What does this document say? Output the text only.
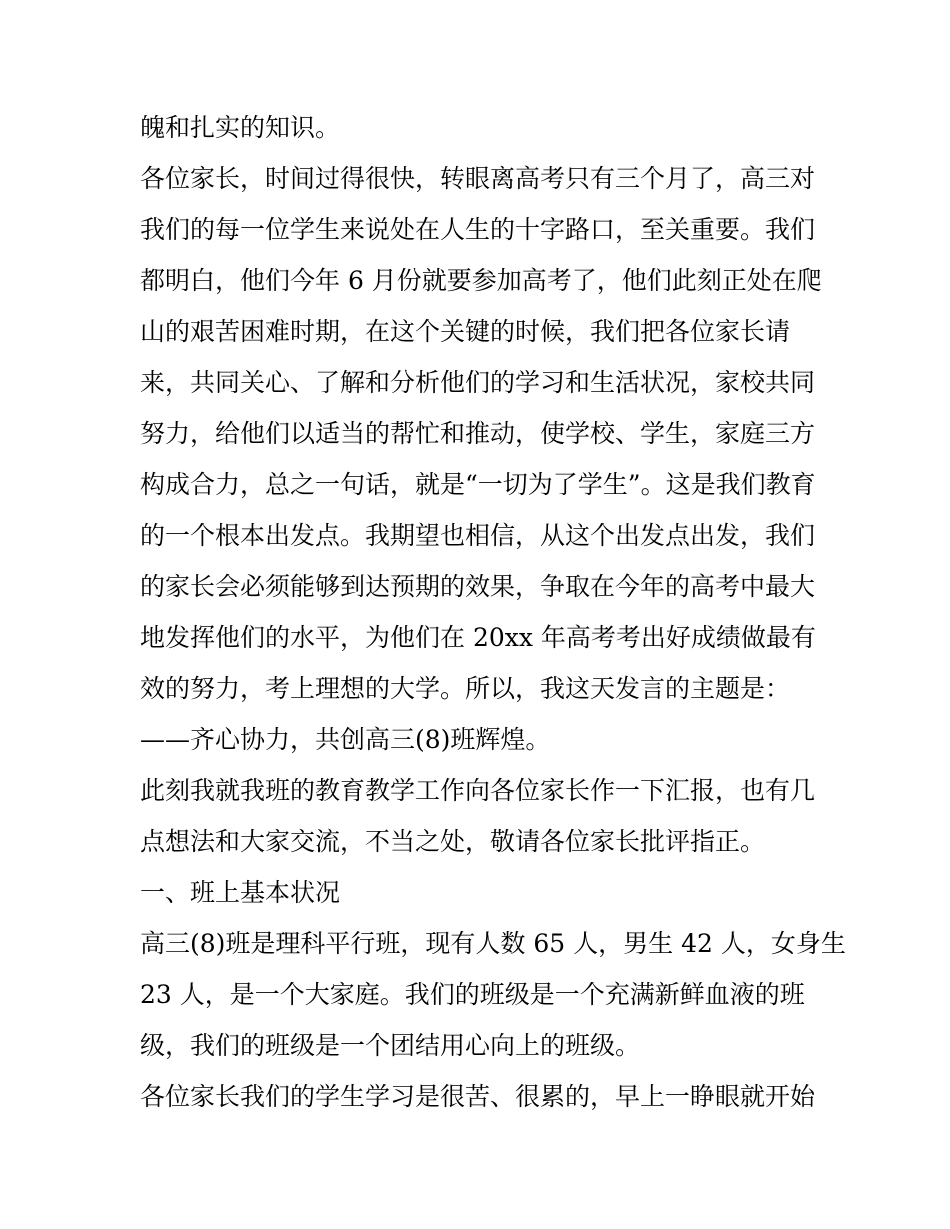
魄和扎实的知识。
各位家长，时间过得很快，转眼离高考只有三个月了，高三对
我们的每一位学生来说处在人生的十字路口，至关重要。我们
都明白，他们今年 6 月份就要参加高考了，他们此刻正处在爬
山的艰苦困难时期，在这个关键的时候，我们把各位家长请
来，共同关心、了解和分析他们的学习和生活状况，家校共同
努力，给他们以适当的帮忙和推动，使学校、学生，家庭三方
构成合力，总之一句话，就是“一切为了学生”。这是我们教育
的一个根本出发点。我期望也相信，从这个出发点出发，我们
的家长会必须能够到达预期的效果，争取在今年的高考中最大
地发挥他们的水平，为他们在 20xx 年高考考出好成绩做最有
效的努力，考上理想的大学。所以，我这天发言的主题是：
——齐心协力，共创高三(8)班辉煌。
此刻我就我班的教育教学工作向各位家长作一下汇报，也有几
点想法和大家交流，不当之处，敬请各位家长批评指正。
一、班上基本状况
高三(8)班是理科平行班，现有人数 65 人，男生 42 人，女身生
23 人，是一个大家庭。我们的班级是一个充满新鲜血液的班
级，我们的班级是一个团结用心向上的班级。
各位家长我们的学生学习是很苦、很累的，早上一睁眼就开始
